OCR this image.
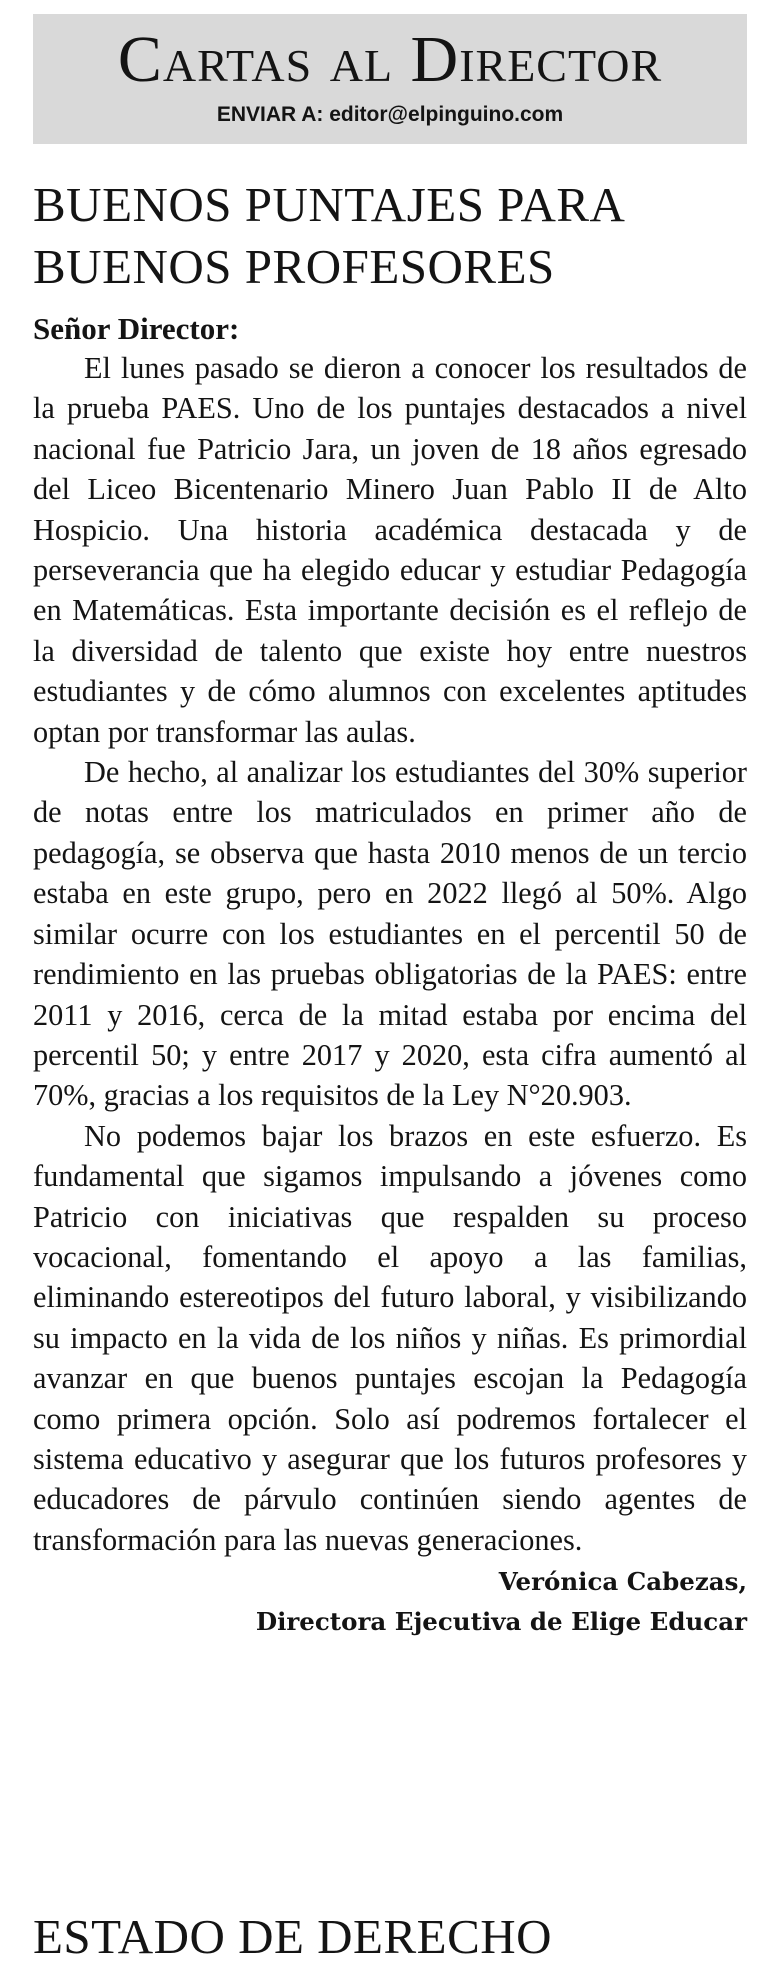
Cartas al Director
ENVIAR A: editor@elpinguino.com
BUENOS PUNTAJES PARA BUENOS PROFESORES
Señor Director:

El lunes pasado se dieron a conocer los resultados de la prueba PAES. Uno de los puntajes destacados a nivel nacional fue Patricio Jara, un joven de 18 años egresado del Liceo Bicentenario Minero Juan Pablo II de Alto Hospicio. Una historia académica destacada y de perseverancia que ha elegido educar y estudiar Pedagogía en Matemáticas. Esta importante decisión es el reflejo de la diversidad de talento que existe hoy entre nuestros estudiantes y de cómo alumnos con excelentes aptitudes optan por transformar las aulas.

De hecho, al analizar los estudiantes del 30% superior de notas entre los matriculados en primer año de pedagogía, se observa que hasta 2010 menos de un tercio estaba en este grupo, pero en 2022 llegó al 50%. Algo similar ocurre con los estudiantes en el percentil 50 de rendimiento en las pruebas obligatorias de la PAES: entre 2011 y 2016, cerca de la mitad estaba por encima del percentil 50; y entre 2017 y 2020, esta cifra aumentó al 70%, gracias a los requisitos de la Ley N°20.903.

No podemos bajar los brazos en este esfuerzo. Es fundamental que sigamos impulsando a jóvenes como Patricio con iniciativas que respalden su proceso vocacional, fomentando el apoyo a las familias, eliminando estereotipos del futuro laboral, y visibilizando su impacto en la vida de los niños y niñas. Es primordial avanzar en que buenos puntajes escojan la Pedagogía como primera opción. Solo así podremos fortalecer el sistema educativo y asegurar que los futuros profesores y educadores de párvulo continúen siendo agentes de transformación para las nuevas generaciones.

Verónica Cabezas,
Directora Ejecutiva de Elige Educar
ESTADO DE DERECHO
